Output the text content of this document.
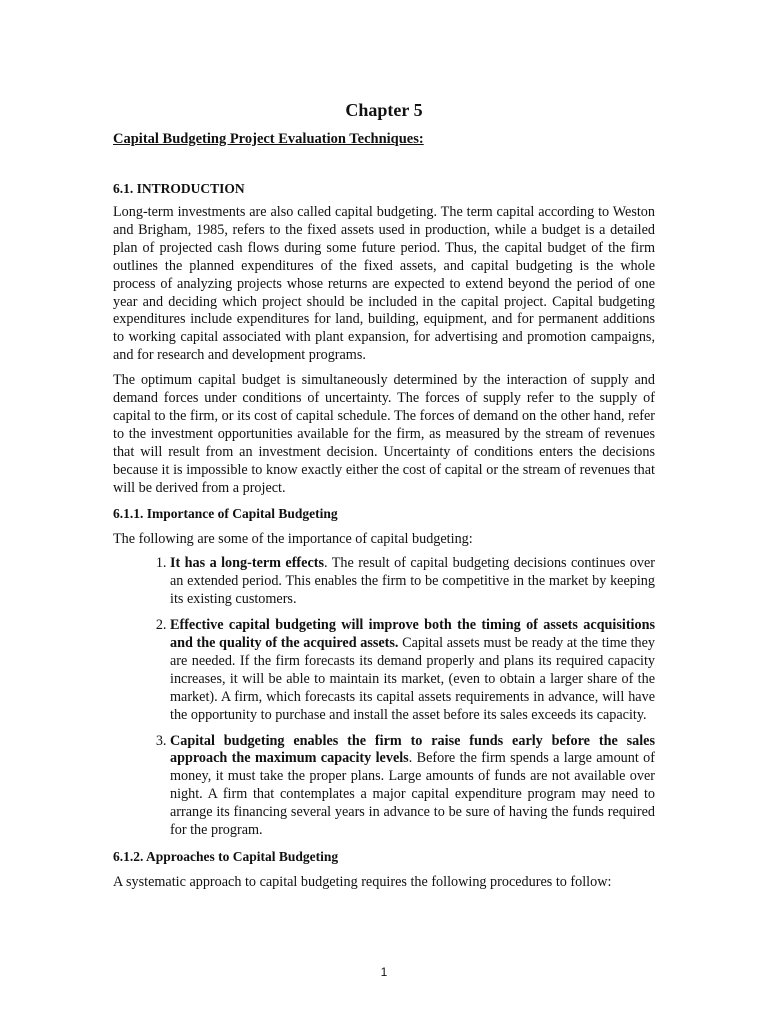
Chapter 5
Capital Budgeting Project Evaluation Techniques:
6.1. INTRODUCTION

Long-term investments are also called capital budgeting. The term capital according to Weston and Brigham, 1985, refers to the fixed assets used in production, while a budget is a detailed plan of projected cash flows during some future period. Thus, the capital budget of the firm outlines the planned expenditures of the fixed assets, and capital budgeting is the whole process of analyzing projects whose returns are expected to extend beyond the period of one year and deciding which project should be included in the capital project. Capital budgeting expenditures include expenditures for land, building, equipment, and for permanent additions to working capital associated with plant expansion, for advertising and promotion campaigns, and for research and development programs.

The optimum capital budget is simultaneously determined by the interaction of supply and demand forces under conditions of uncertainty. The forces of supply refer to the supply of capital to the firm, or its cost of capital schedule. The forces of demand on the other hand, refer to the investment opportunities available for the firm, as measured by the stream of revenues that will result from an investment decision. Uncertainty of conditions enters the decisions because it is impossible to know exactly either the cost of capital or the stream of revenues that will be derived from a project.

6.1.1. Importance of Capital Budgeting

The following are some of the importance of capital budgeting:

1. It has a long-term effects. The result of capital budgeting decisions continues over an extended period. This enables the firm to be competitive in the market by keeping its existing customers.
2. Effective capital budgeting will improve both the timing of assets acquisitions and the quality of the acquired assets. Capital assets must be ready at the time they are needed. If the firm forecasts its demand properly and plans its required capacity increases, it will be able to maintain its market, (even to obtain a larger share of the market). A firm, which forecasts its capital assets requirements in advance, will have the opportunity to purchase and install the asset before its sales exceeds its capacity.
3. Capital budgeting enables the firm to raise funds early before the sales approach the maximum capacity levels. Before the firm spends a large amount of money, it must take the proper plans. Large amounts of funds are not available over night. A firm that contemplates a major capital expenditure program may need to arrange its financing several years in advance to be sure of having the funds required for the program.
6.1.2. Approaches to Capital Budgeting

A systematic approach to capital budgeting requires the following procedures to follow:

1
